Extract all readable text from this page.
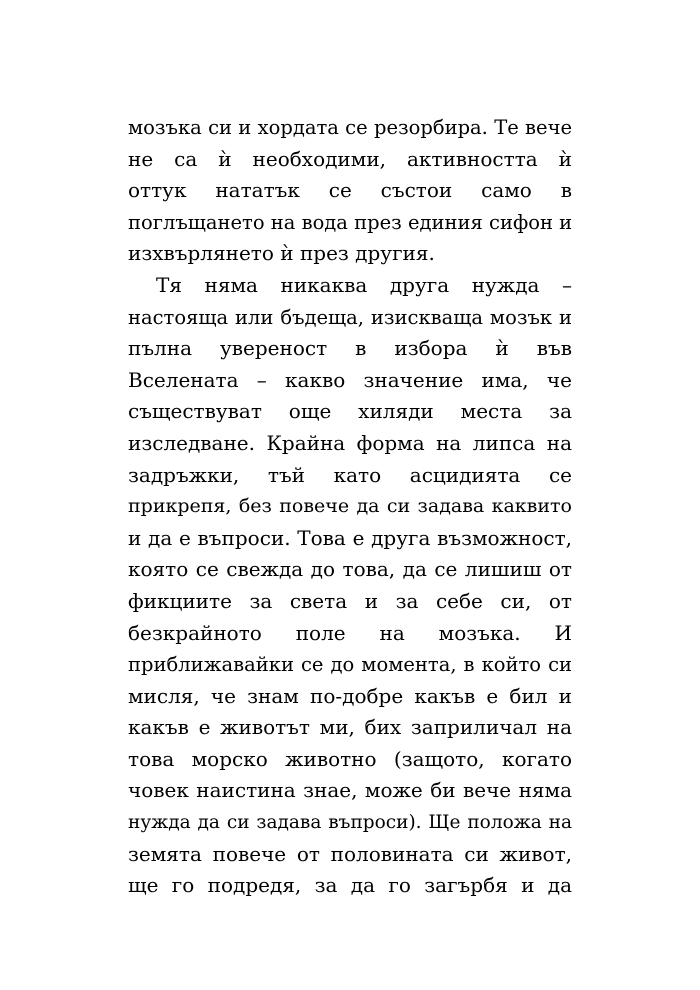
мозъка си и хордата се резорбира. Те вече
не са ѝ необходими, активността ѝ
оттук нататък се състои само в
поглъщането на вода през единия сифон и
изхвърлянето ѝ през другия.
Тя няма никаква друга нужда –
настояща или бъдеща, изискваща мозък и
пълна увереност в избора ѝ във
Вселената – какво значение има, че
съществуват още хиляди места за
изследване. Крайна форма на липса на
задръжки, тъй като асцидията се
прикрепя, без повече да си задава каквито
и да е въпроси. Това е друга възможност,
която се свежда до това, да се лишиш от
фикциите за света и за себе си, от
безкрайното поле на мозъка. И
приближавайки се до момента, в който си
мисля, че знам по-добре какъв е бил и
какъв е животът ми, бих заприличал на
това морско животно (защото, когато
човек наистина знае, може би вече няма
нужда да си задава въпроси). Ще положа на
земята повече от половината си живот,
ще го подредя, за да го загърбя и да
